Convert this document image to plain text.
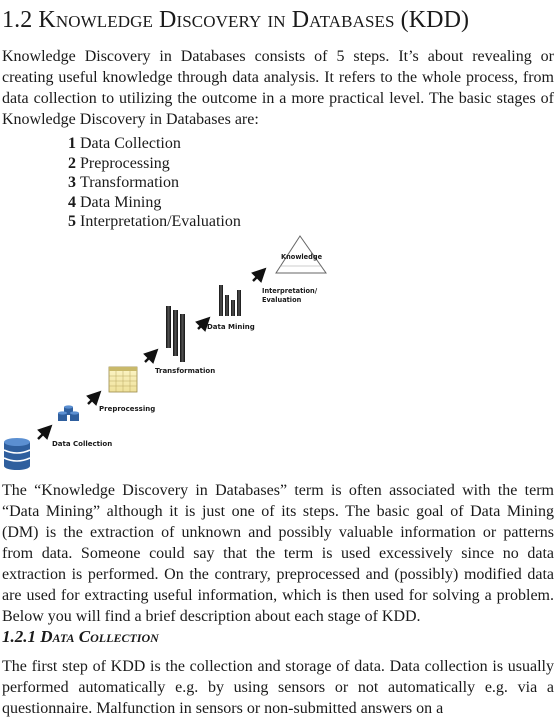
1.2 Knowledge Discovery in Databases (KDD)

Knowledge Discovery in Databases consists of 5 steps. It’s about revealing or creating useful knowledge through data analysis. It refers to the whole process, from data collection to utilizing the outcome in a more practical level. The basic stages of Knowledge Discovery in Databases are:

1 Data Collection
2 Preprocessing
3 Transformation
4 Data Mining
5 Interpretation/Evaluation
Data Collection
Preprocessing
Transformation
Data Mining
Interpretation/
Evaluation
Knowledge

The “Knowledge Discovery in Databases” term is often associated with the term “Data Mining” although it is just one of its steps. The basic goal of Data Mining (DM) is the extraction of unknown and possibly valuable information or patterns from data. Someone could say that the term is used excessively since no data extraction is performed. On the contrary, preprocessed and (possibly) modified data are used for extracting useful information, which is then used for solving a problem. Below you will find a brief description about each stage of KDD.

1.2.1 Data Collection

The first step of KDD is the collection and storage of data. Data collection is usually performed automatically e.g. by using sensors or not automatically e.g. via a questionnaire. Malfunction in sensors or non-submitted answers on a
